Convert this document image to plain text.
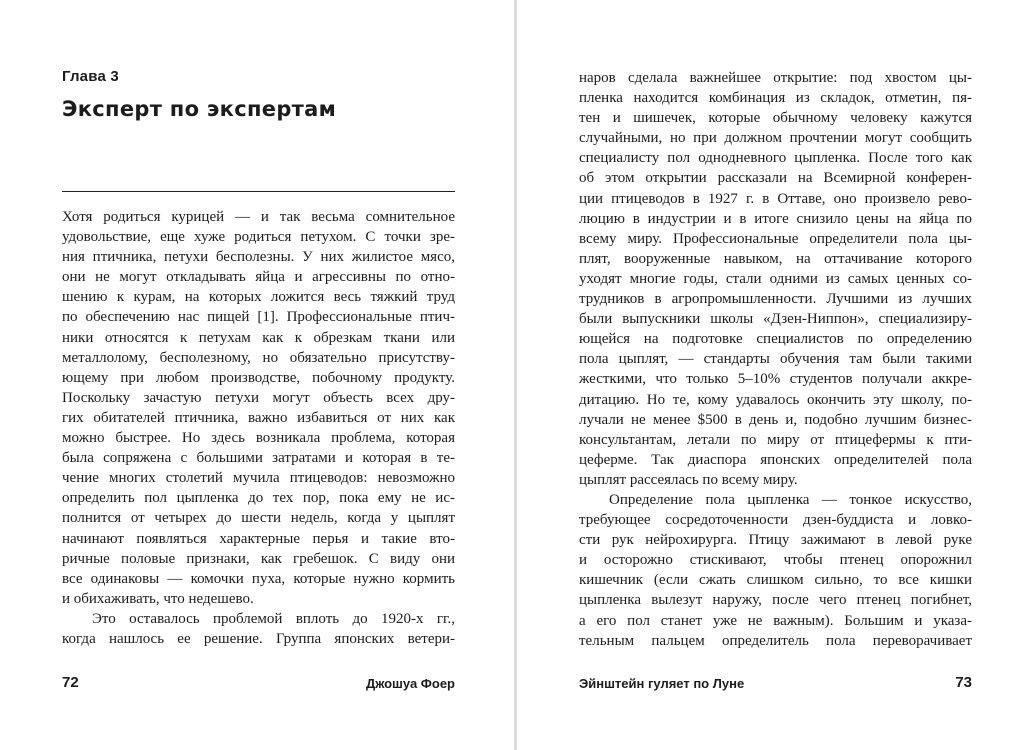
Глава 3
Эксперт по экспертам
Хотя родиться курицей — и так весьма сомнительное
удовольствие, еще хуже родиться петухом. С точки зре-
ния птичника, петухи бесполезны. У них жилистое мясо,
они не могут откладывать яйца и агрессивны по отно-
шению к курам, на которых ложится весь тяжкий труд
по обеспечению нас пищей [1]. Профессиональные птич-
ники относятся к петухам как к обрезкам ткани или
металлолому, бесполезному, но обязательно присутству-
ющему при любом производстве, побочному продукту.
Поскольку зачастую петухи могут объесть всех дру-
гих обитателей птичника, важно избавиться от них как
можно быстрее. Но здесь возникала проблема, которая
была сопряжена с большими затратами и которая в те-
чение многих столетий мучила птицеводов: невозможно
определить пол цыпленка до тех пор, пока ему не ис-
полнится от четырех до шести недель, когда у цыплят
начинают появляться характерные перья и такие вто-
ричные половые признаки, как гребешок. С виду они
все одинаковы — комочки пуха, которые нужно кормить
и обихаживать, что недешево.
Это оставалось проблемой вплоть до 1920-х гг.,
когда нашлось ее решение. Группа японских ветери-
72	Джошуа Фоер
наров сделала важнейшее открытие: под хвостом цы-
пленка находится комбинация из складок, отметин, пя-
тен и шишечек, которые обычному человеку кажутся
случайными, но при должном прочтении могут сообщить
специалисту пол однодневного цыпленка. После того как
об этом открытии рассказали на Всемирной конферен-
ции птицеводов в 1927 г. в Оттаве, оно произвело рево-
люцию в индустрии и в итоге снизило цены на яйца по
всему миру. Профессиональные определители пола цы-
плят, вооруженные навыком, на оттачивание которого
уходят многие годы, стали одними из самых ценных со-
трудников в агропромышленности. Лучшими из лучших
были выпускники школы «Дзен-Ниппон», специализиру-
ющейся на подготовке специалистов по определению
пола цыплят, — стандарты обучения там были такими
жесткими, что только 5–10% студентов получали аккре-
дитацию. Но те, кому удавалось окончить эту школу, по-
лучали не менее $500 в день и, подобно лучшим бизнес-
консультантам, летали по миру от птицефермы к пти-
цеферме. Так диаспора японских определителей пола
цыплят рассеялась по всему миру.
Определение пола цыпленка — тонкое искусство,
требующее сосредоточенности дзен-буддиста и ловко-
сти рук нейрохирурга. Птицу зажимают в левой руке
и осторожно стискивают, чтобы птенец опорожнил
кишечник (если сжать слишком сильно, то все кишки
цыпленка вылезут наружу, после чего птенец погибнет,
а его пол станет уже не важным). Большим и указа-
тельным пальцем определитель пола переворачивает
Эйнштейн гуляет по Луне	73
